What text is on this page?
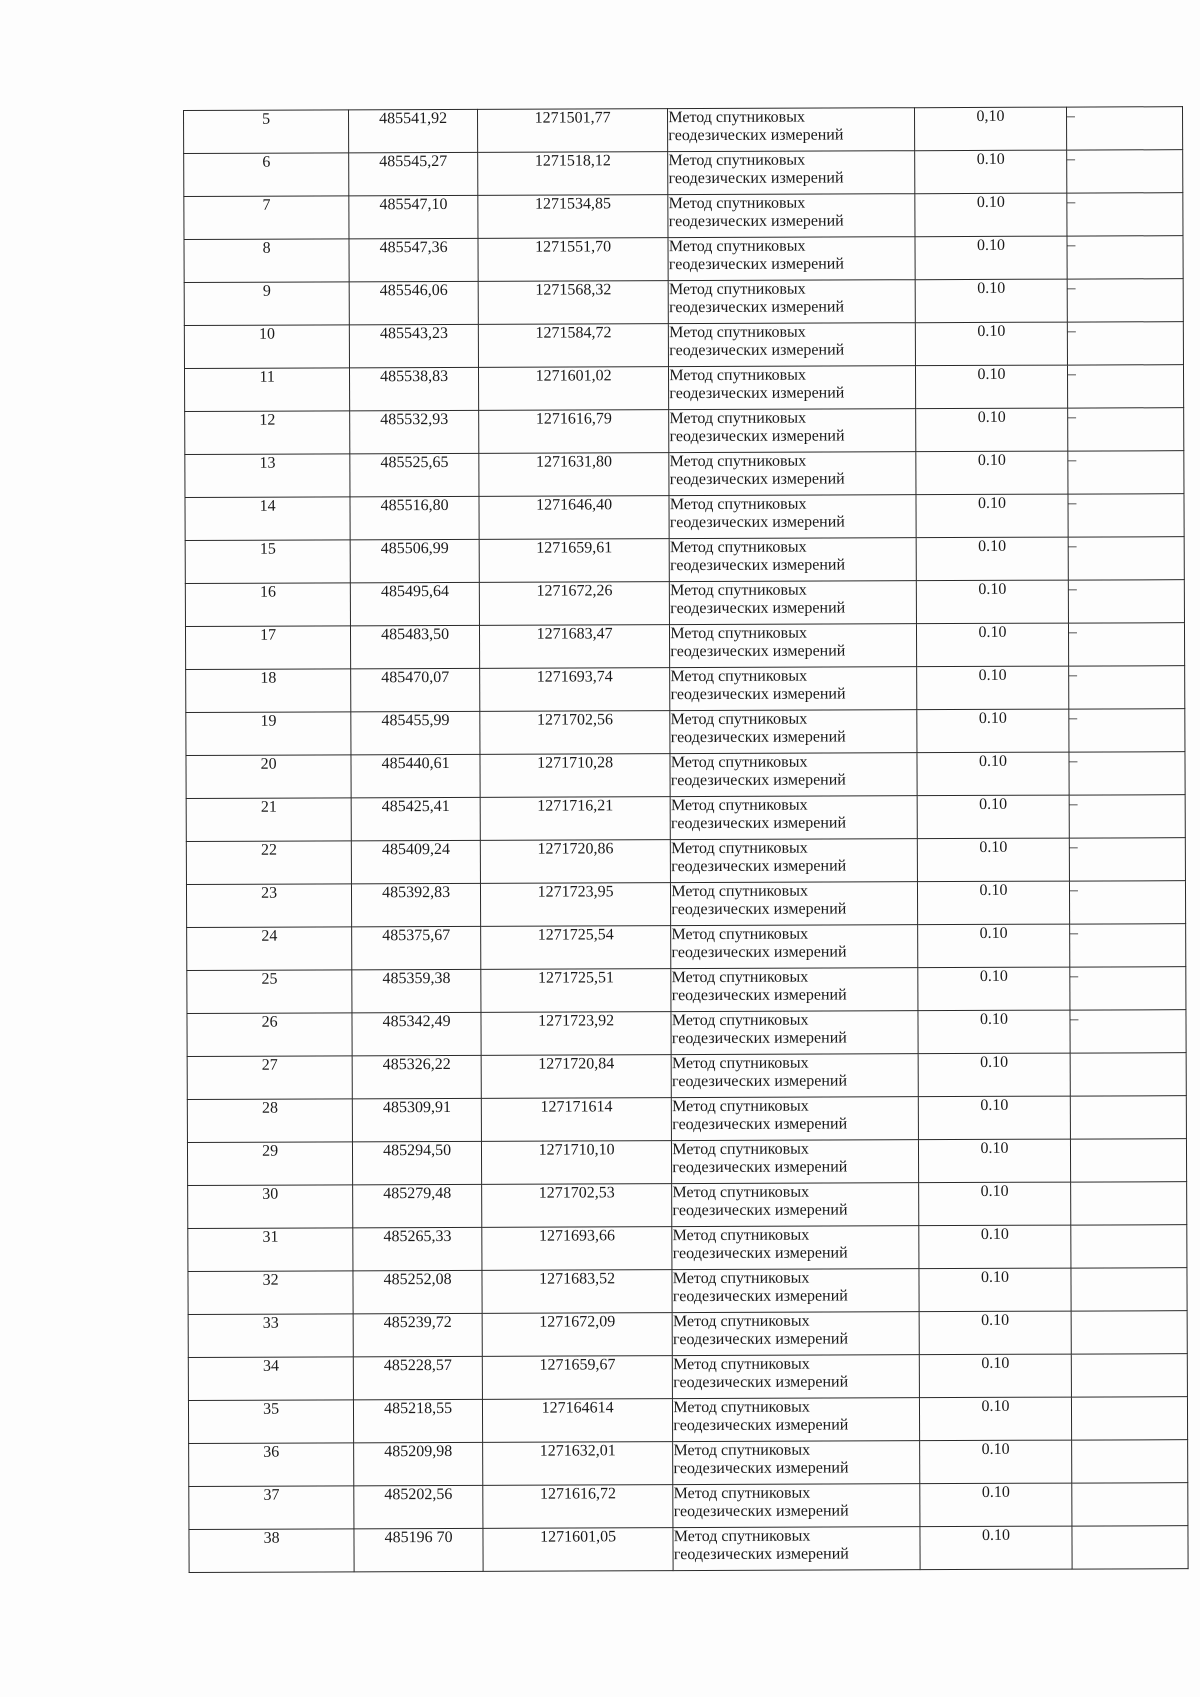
5	485541,92	1271501,77	Метод спутниковых
геодезических измерений	0,10	–
6	485545,27	1271518,12	Метод спутниковых
геодезических измерений	0.10	–
7	485547,10	1271534,85	Метод спутниковых
геодезических измерений	0.10	–
8	485547,36	1271551,70	Метод спутниковых
геодезических измерений	0.10	–
9	485546,06	1271568,32	Метод спутниковых
геодезических измерений	0.10	–
10	485543,23	1271584,72	Метод спутниковых
геодезических измерений	0.10	–
11	485538,83	1271601,02	Метод спутниковых
геодезических измерений	0.10	–
12	485532,93	1271616,79	Метод спутниковых
геодезических измерений	0.10	–
13	485525,65	1271631,80	Метод спутниковых
геодезических измерений	0.10	–
14	485516,80	1271646,40	Метод спутниковых
геодезических измерений	0.10	–
15	485506,99	1271659,61	Метод спутниковых
геодезических измерений	0.10	–
16	485495,64	1271672,26	Метод спутниковых
геодезических измерений	0.10	–
17	485483,50	1271683,47	Метод спутниковых
геодезических измерений	0.10	–
18	485470,07	1271693,74	Метод спутниковых
геодезических измерений	0.10	–
19	485455,99	1271702,56	Метод спутниковых
геодезических измерений	0.10	–
20	485440,61	1271710,28	Метод спутниковых
геодезических измерений	0.10	–
21	485425,41	1271716,21	Метод спутниковых
геодезических измерений	0.10	–
22	485409,24	1271720,86	Метод спутниковых
геодезических измерений	0.10	–
23	485392,83	1271723,95	Метод спутниковых
геодезических измерений	0.10	–
24	485375,67	1271725,54	Метод спутниковых
геодезических измерений	0.10	–
25	485359,38	1271725,51	Метод спутниковых
геодезических измерений	0.10	–
26	485342,49	1271723,92	Метод спутниковых
геодезических измерений	0.10	–
27	485326,22	1271720,84	Метод спутниковых
геодезических измерений	0.10	
28	485309,91	127171614	Метод спутниковых
геодезических измерений	0.10	
29	485294,50	1271710,10	Метод спутниковых
геодезических измерений	0.10	
30	485279,48	1271702,53	Метод спутниковых
геодезических измерений	0.10	
31	485265,33	1271693,66	Метод спутниковых
геодезических измерений	0.10	
32	485252,08	1271683,52	Метод спутниковых
геодезических измерений	0.10	
33	485239,72	1271672,09	Метод спутниковых
геодезических измерений	0.10	
34	485228,57	1271659,67	Метод спутниковых
геодезических измерений	0.10	
35	485218,55	127164614	Метод спутниковых
геодезических измерений	0.10	
36	485209,98	1271632,01	Метод спутниковых
геодезических измерений	0.10	
37	485202,56	1271616,72	Метод спутниковых
геодезических измерений	0.10	
38	485196 70	1271601,05	Метод спутниковых
геодезических измерений	0.10	
